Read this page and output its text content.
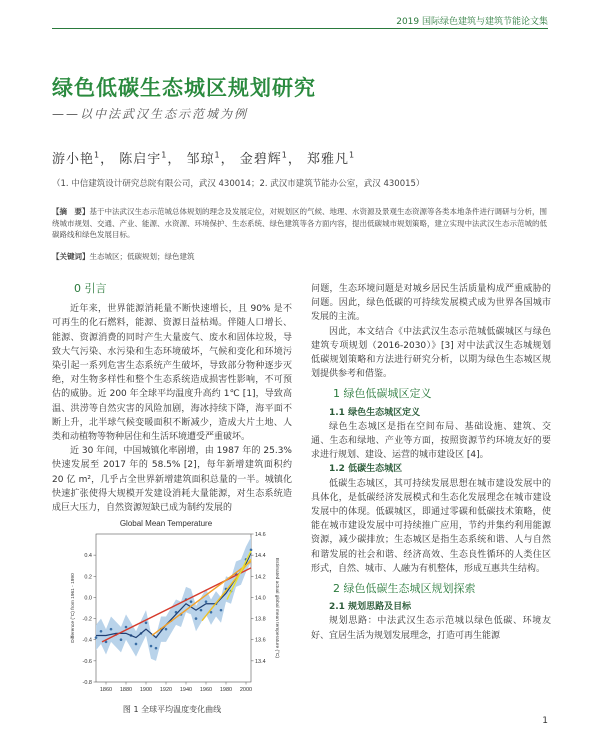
2019 国际绿色建筑与建筑节能论文集
绿色低碳生态城区规划研究
——以中法武汉生态示范城为例
游小艳$^1$， 陈启宇$^1$， 邹琼$^1$， 金碧辉$^1$， 郑雅凡$^1$
（1. 中信建筑设计研究总院有限公司，武汉 430014；2. 武汉市建筑节能办公室，武汉 430015）
【摘　要】基于中法武汉生态示范城总体规划的理念及发展定位，对规划区的气候、地理、水资源及景观生态资源等各类本地条件进行调研与分析，围绕城市规划、交通、产业、能源、水资源、环境保护、生态系统、绿色建筑等各方面内容，提出低碳城市规划策略，建立实现中法武汉生态示范城的低碳路线和绿色发展目标。
【关键词】生态城区；低碳规划；绿色建筑

0 引言

近年来，世界能源消耗量不断快速增长，且 90% 是不可再生的化石燃料，能源、资源日益枯竭。伴随人口增长、能源、资源消费的同时产生大量废气、废水和固体垃圾，导致大气污染、水污染和生态环境破坏，气候和变化和环境污染引起一系列危害生态系统产生破坏，导致部分物种逐步灭绝，对生物多样性和整个生态系统造成损害性影响，不可预估的威胁。近 200 年全球平均温度升高约 1℃ [1]，导致高温、洪涝等自然灾害的风险加剧，海冰持续下降，海平面不断上升，北半球气候变暖面积不断减少，造成大片土地、人类和动植物等物种居住和生活环境遭受严重破坏。

近 30 年间，中国城镇化率剧增，由 1987 年的 25.3% 快速发展至 2017 年的 58.5% [2]，每年新增建筑面积约 20 亿 m²，几乎占全世界新增建筑面积总量的一半。城镇化快速扩张使得大规模开发建设消耗大量能源，对生态系统造成巨大压力，自然资源短缺已成为制约发展的

Global Mean Temperature
Difference (°C) from 1961 - 1990	Estimated actual global mean temperature (°C)
1860 1880 1900 1920 1940 1960 1980 2000
0.4
0.2
0.0
-0.2
-0.4
-0.6
-0.8
14.6
14.4
14.2
14.0
13.8
13.6
13.4
图 1 全球平均温度变化曲线

问题，生态环境问题是对城乡居民生活质量构成严重威胁的问题。因此，绿色低碳的可持续发展模式成为世界各国城市发展的主流。

因此，本文结合《中法武汉生态示范城低碳城区与绿色建筑专项规划（2016-2030）》[3] 对中法武汉生态城规划低碳规划策略和方法进行研究分析，以期为绿色生态城区规划提供参考和借鉴。

1 绿色低碳城区定义

1.1 绿色生态城区定义

绿色生态城区是指在空间布局、基础设施、建筑、交通、生态和绿地、产业等方面，按照资源节约环境友好的要求进行规划、建设、运营的城市建设区 [4]。

1.2 低碳生态城区

低碳生态城区，其可持续发展思想在城市建设发展中的具体化，是低碳经济发展模式和生态化发展理念在城市建设发展中的体现。低碳城区，即通过零碳和低碳技术策略，使能在城市建设发展中可持续推广应用，节约并集约利用能源资源，减少碳排放；生态城区是指生态系统和谐、人与自然和谐发展的社会和谐、经济高效、生态良性循环的人类住区形式，自然、城市、人融为有机整体，形成互惠共生结构。

2 绿色低碳生态城区规划探索

2.1 规划思路及目标

规划思路：中法武汉生态示范城以绿色低碳、环境友好、宜居生活为规划发展理念，打造可再生能源

1
